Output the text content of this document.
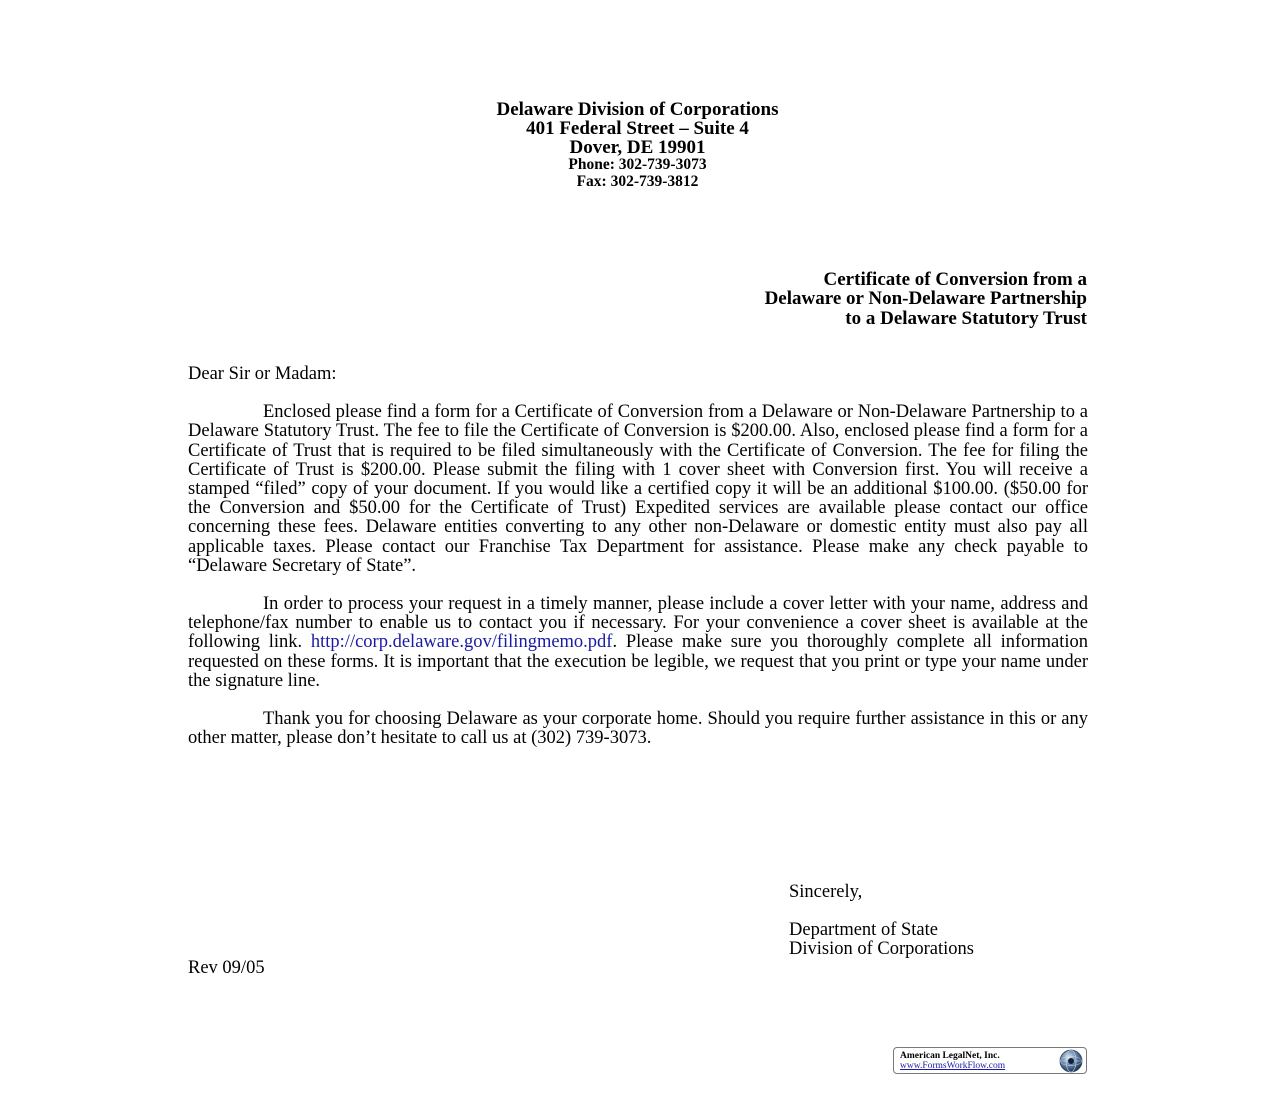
Delaware Division of Corporations
401 Federal Street – Suite 4
Dover, DE 19901
Phone: 302-739-3073
Fax: 302-739-3812
Certificate of Conversion from a
Delaware or Non-Delaware Partnership
to a Delaware Statutory Trust
Dear Sir or Madam:
Enclosed please find a form for a Certificate of Conversion from a Delaware or Non-Delaware Partnership to a Delaware Statutory Trust. The fee to file the Certificate of Conversion is $200.00. Also, enclosed please find a form for a Certificate of Trust that is required to be filed simultaneously with the Certificate of Conversion. The fee for filing the Certificate of Trust is $200.00. Please submit the filing with 1 cover sheet with Conversion first. You will receive a stamped “filed” copy of your document. If you would like a certified copy it will be an additional $100.00. ($50.00 for the Conversion and $50.00 for the Certificate of Trust) Expedited services are available please contact our office concerning these fees. Delaware entities converting to any other non-Delaware or domestic entity must also pay all applicable taxes. Please contact our Franchise Tax Department for assistance. Please make any check payable to “Delaware Secretary of State”.
In order to process your request in a timely manner, please include a cover letter with your name, address and telephone/fax number to enable us to contact you if necessary. For your convenience a cover sheet is available at the following link. http://corp.delaware.gov/filingmemo.pdf. Please make sure you thoroughly complete all information requested on these forms. It is important that the execution be legible, we request that you print or type your name under the signature line.
Thank you for choosing Delaware as your corporate home. Should you require further assistance in this or any other matter, please don’t hesitate to call us at (302) 739-3073.
Sincerely,
Department of State
Division of Corporations
Rev 09/05
American LegalNet, Inc.
www.FormsWorkFlow.com
